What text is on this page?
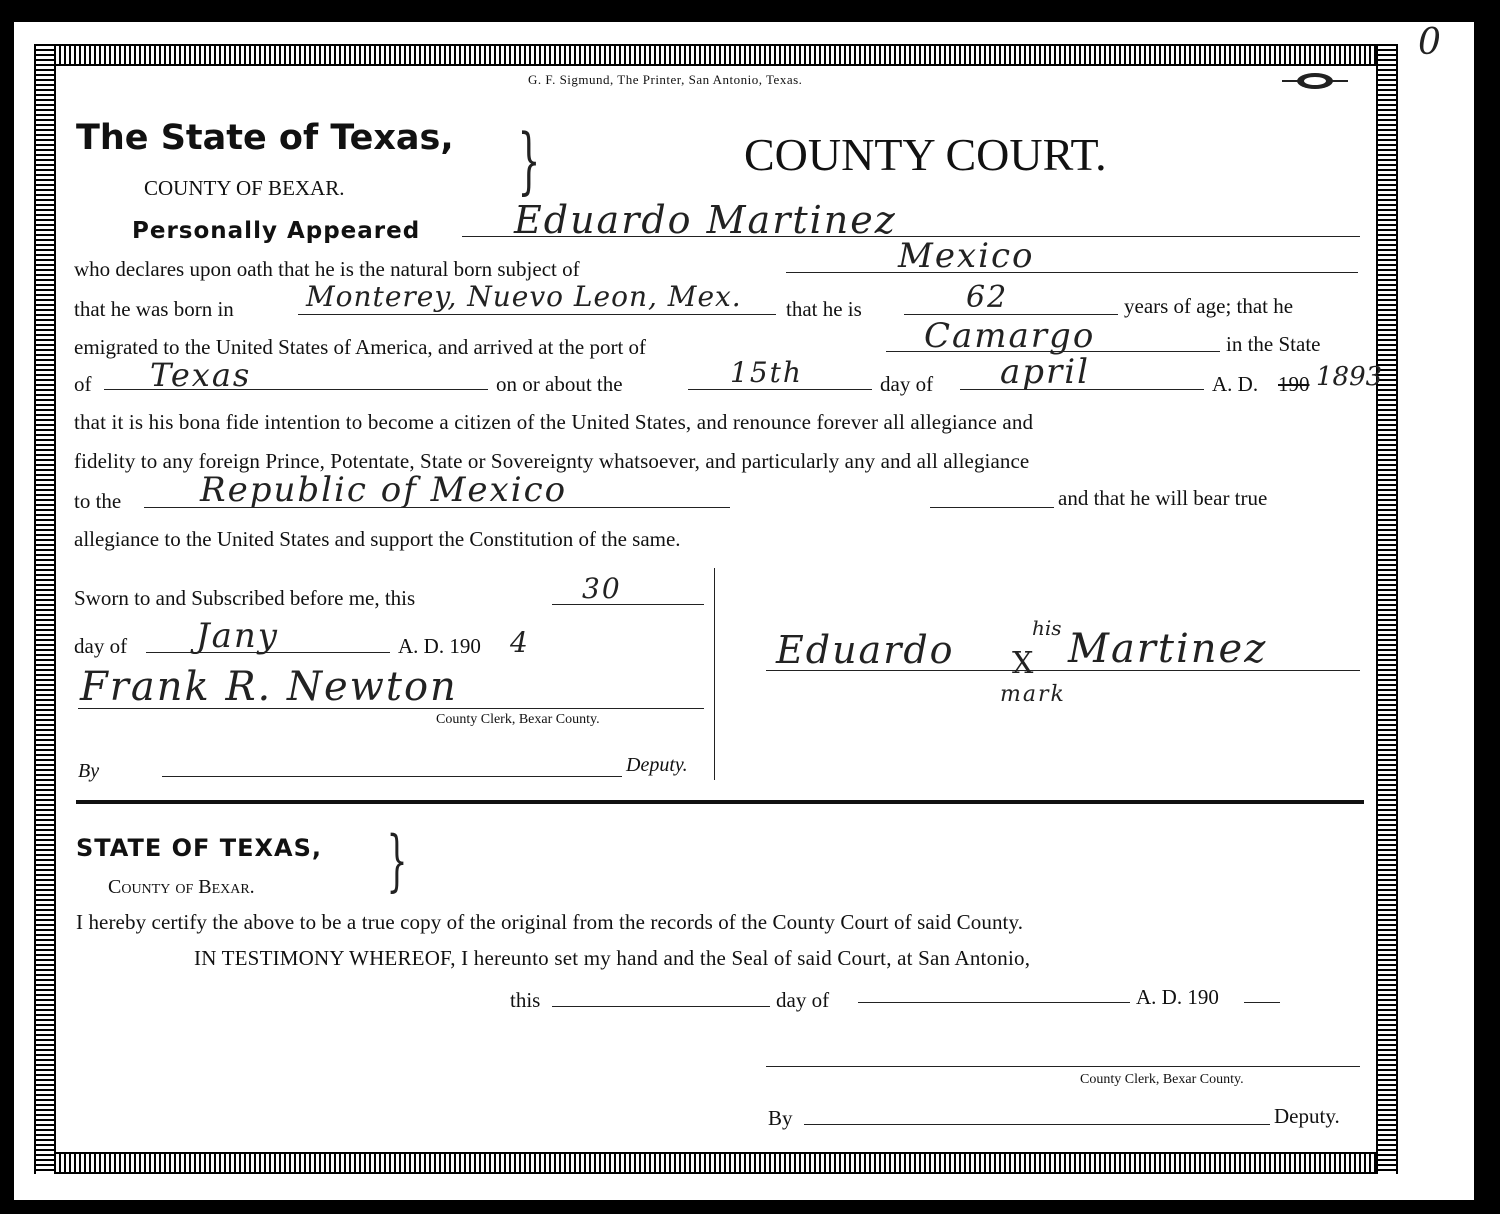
0
G. F. Sigmund, The Printer, San Antonio, Texas.
The State of Texas,
COUNTY OF BEXAR. }	COUNTY COURT.
Personally Appeared Eduardo Martinez
who declares upon oath that he is the natural born subject of	Mexico
that he was born in	Monterey, Nuevo Leon, Mex. that he is	62	years of age; that he
emigrated to the United States of America, and arrived at the port of	Camargo	in the State
of Texas	on or about the	15th	day of april	A. D. 190 1893
that it is his bona fide intention to become a citizen of the United States, and renounce forever all allegiance and
fidelity to any foreign Prince, Potentate, State or Sovereignty whatsoever, and particularly any and all allegiance
to the Republic of Mexico	and that he will bear true
allegiance to the United States and support the Constitution of the same.
Sworn to and Subscribed before me, this	30
day of Jany	A. D. 190 4
Frank R. Newton
County Clerk, Bexar County.
By	Deputy.
Eduardo	his
X Martinez
mark
STATE OF TEXAS,
County of Bexar. }
I hereby certify the above to be a true copy of the original from the records of the County Court of said County.
IN TESTIMONY WHEREOF, I hereunto set my hand and the Seal of said Court, at San Antonio,
this	day of	A. D. 190
County Clerk, Bexar County.
By	Deputy.
